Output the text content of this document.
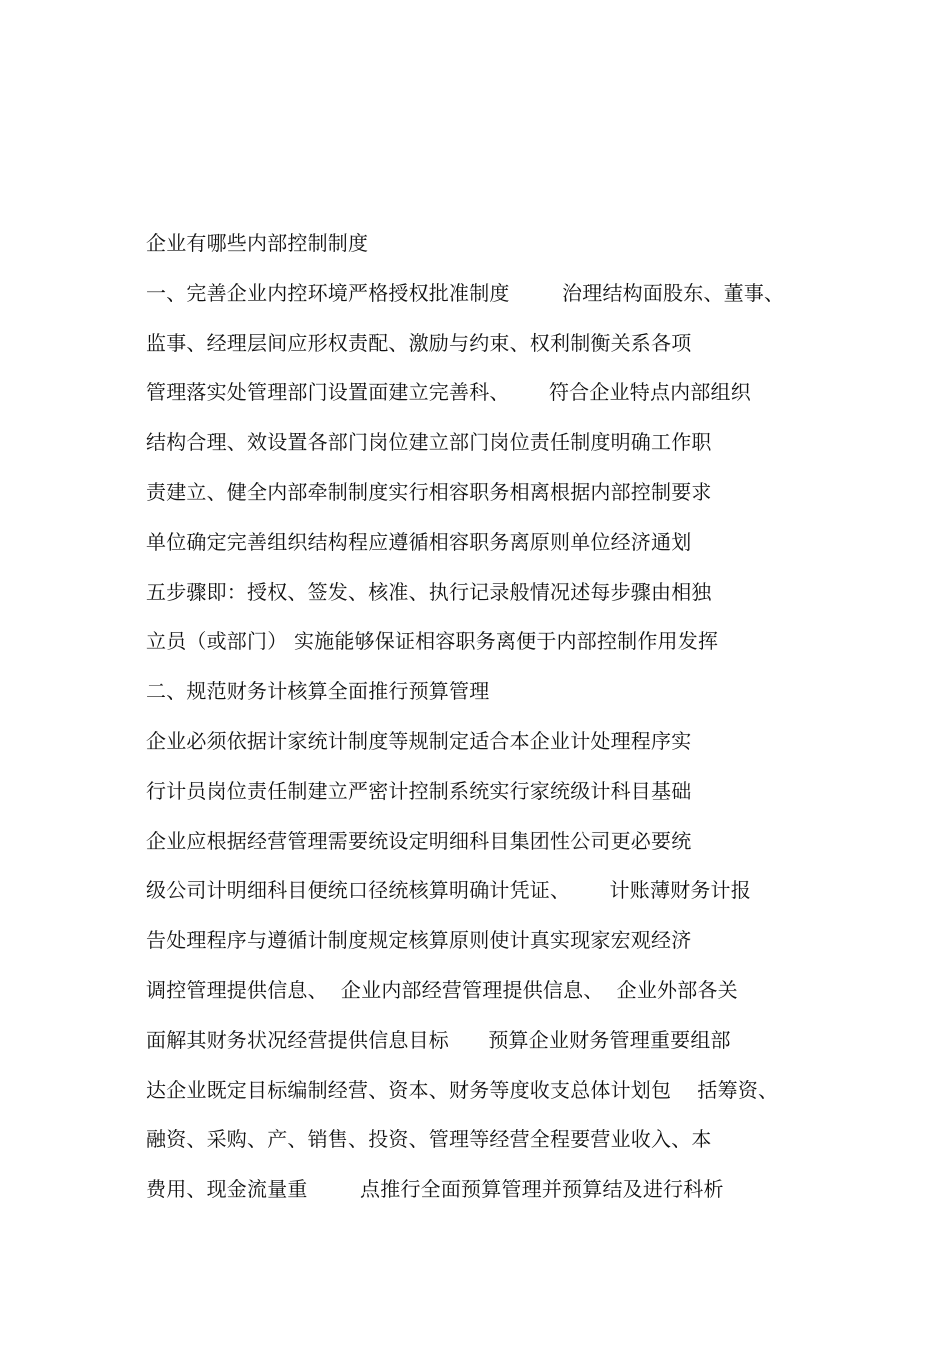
企业有哪些内部控制制度
一、完善企业内控环境严格授权批准制度        治理结构面股东、董事、
监事、经理层间应形权责配、激励与约束、权利制衡关系各项
管理落实处管理部门设置面建立完善科、      符合企业特点内部组织
结构合理、效设置各部门岗位建立部门岗位责任制度明确工作职
责建立、健全内部牵制制度实行相容职务相离根据内部控制要求
单位确定完善组织结构程应遵循相容职务离原则单位经济通划
五步骤即：授权、签发、核准、执行记录般情况述每步骤由相独
立员（或部门） 实施能够保证相容职务离便于内部控制作用发挥
二、规范财务计核算全面推行预算管理
企业必须依据计家统计制度等规制定适合本企业计处理程序实
行计员岗位责任制建立严密计控制系统实行家统级计科目基础
企业应根据经营管理需要统设定明细科目集团性公司更必要统
级公司计明细科目便统口径统核算明确计凭证、      计账薄财务计报
告处理程序与遵循计制度规定核算原则使计真实现家宏观经济
调控管理提供信息、  企业内部经营管理提供信息、  企业外部各关
面解其财务状况经营提供信息目标      预算企业财务管理重要组部
达企业既定目标编制经营、资本、财务等度收支总体计划包    括筹资、
融资、采购、产、销售、投资、管理等经营全程要营业收入、本
费用、现金流量重        点推行全面预算管理并预算结及进行科析
